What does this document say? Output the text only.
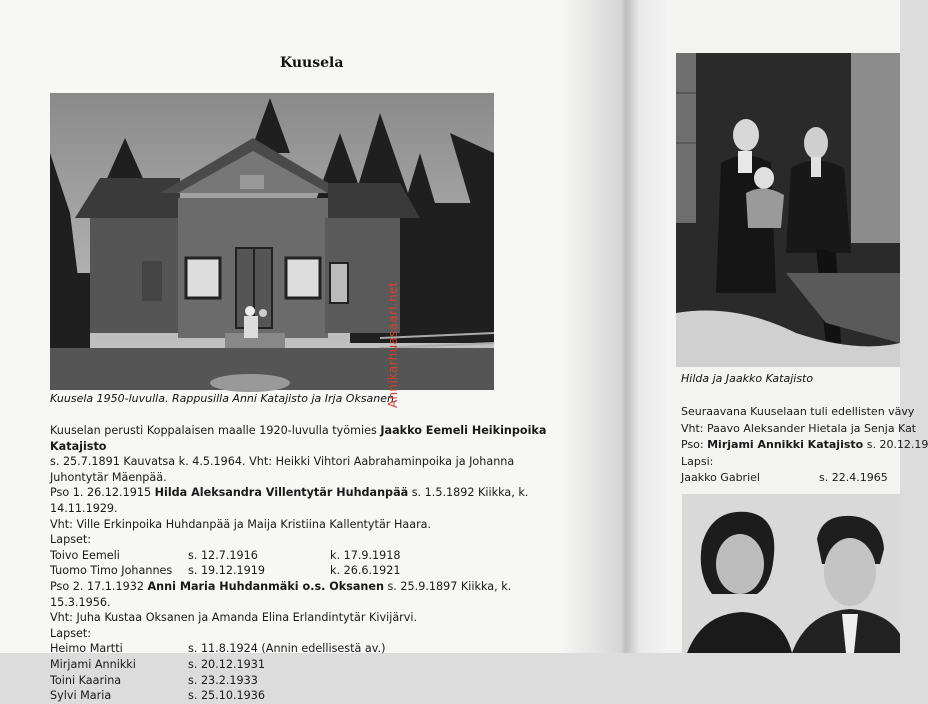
Kuusela
Kuusela 1950-luvulla. Rappusilla Anni Katajisto ja Irja Oksanen.
Annikarhuasaari.net

Kuuselan perusti Koppalaisen maalle 1920-luvulla työmies Jaakko Eemeli Heikinpoika Katajisto

s. 25.7.1891 Kauvatsa k. 4.5.1964. Vht: Heikki Vihtori Aabrahaminpoika ja Johanna Juhontytär Mäenpää.

Pso 1. 26.12.1915 Hilda Aleksandra Villentytär Huhdanpää s. 1.5.1892 Kiikka, k. 14.11.1929.

Vht: Ville Erkinpoika Huhdanpää ja Maija Kristiina Kallentytär Haara.

Lapset:

Toivo Eemeli	s. 12.7.1916	k. 17.9.1918
Tuomo Timo Johannes	s. 19.12.1919	k. 26.6.1921

Pso 2. 17.1.1932 Anni Maria Huhdanmäki o.s. Oksanen s. 25.9.1897 Kiikka, k. 15.3.1956.

Vht: Juha Kustaa Oksanen ja Amanda Elina Erlandintytär Kivijärvi.

Lapset:

Heimo Martti	s. 11.8.1924 (Annin edellisestä av.)
Mirjami Annikki	s. 20.12.1931
Toini Kaarina	s. 23.2.1933
Sylvi Maria	s. 25.10.1936
Hilda ja Jaakko Katajisto

Seuraavana Kuuselaan tuli edellisten vävy

Vht: Paavo Aleksander Hietala ja Senja Kat

Pso: Mirjami Annikki Katajisto s. 20.12.19

Lapsi:

Jaakko Gabriel	s. 22.4.1965
